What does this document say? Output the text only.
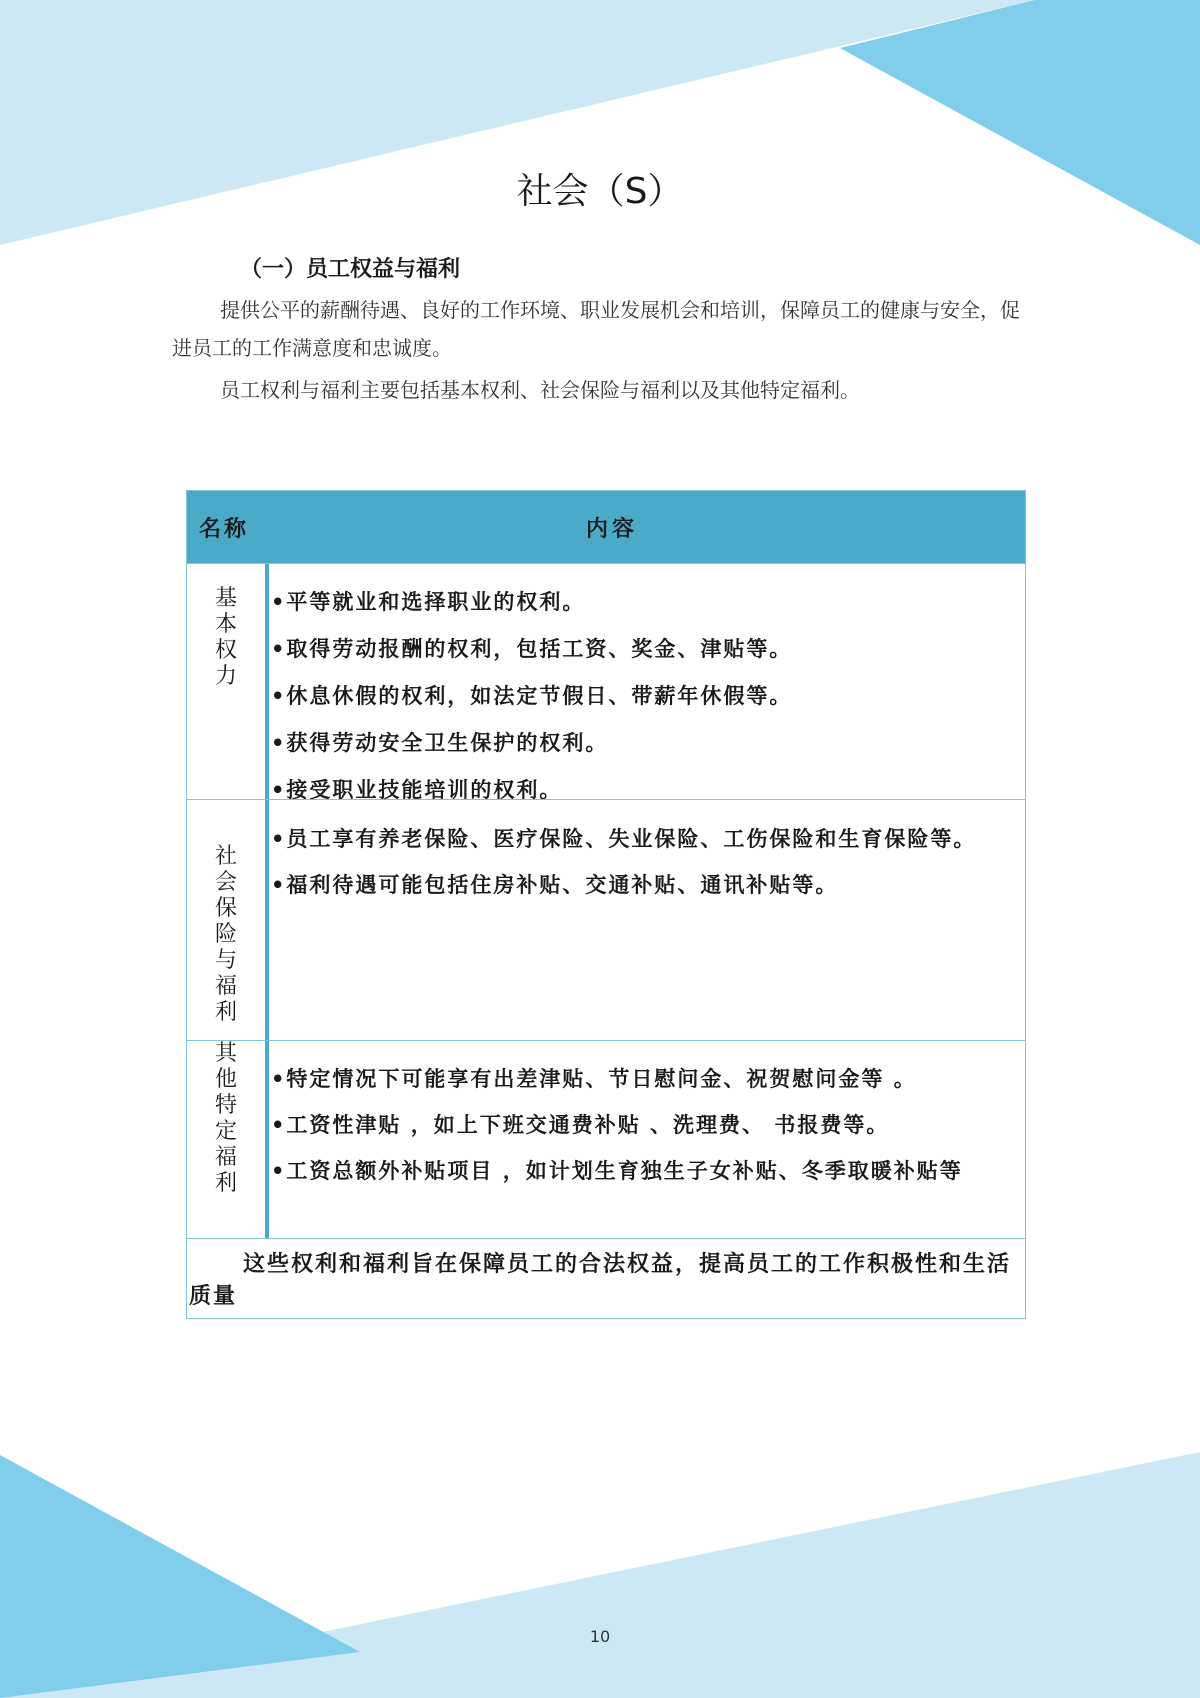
社会（S）
（一）员工权益与福利

提供公平的薪酬待遇、良好的工作环境、职业发展机会和培训，保障员工的健康与安全，促进员工的工作满意度和忠诚度。

员工权利与福利主要包括基本权利、社会保险与福利以及其他特定福利。

名称	内容
基本权力
•平等就业和选择职业的权利。
•取得劳动报酬的权利，包括工资、奖金、津贴等。
•休息休假的权利，如法定节假日、带薪年休假等。
•获得劳动安全卫生保护的权利。
•接受职业技能培训的权利。
社会保险与福利
•员工享有养老保险、医疗保险、失业保险、工伤保险和生育保险等。
•福利待遇可能包括住房补贴、交通补贴、通讯补贴等。
其他特定福利
•特定情况下可能享有出差津贴、节日慰问金、祝贺慰问金等 。
•工资性津贴 ，如上下班交通费补贴 、洗理费、 书报费等。
•工资总额外补贴项目 ，如计划生育独生子女补贴、冬季取暖补贴等
这些权利和福利旨在保障员工的合法权益，提高员工的工作积极性和生活质量
10
